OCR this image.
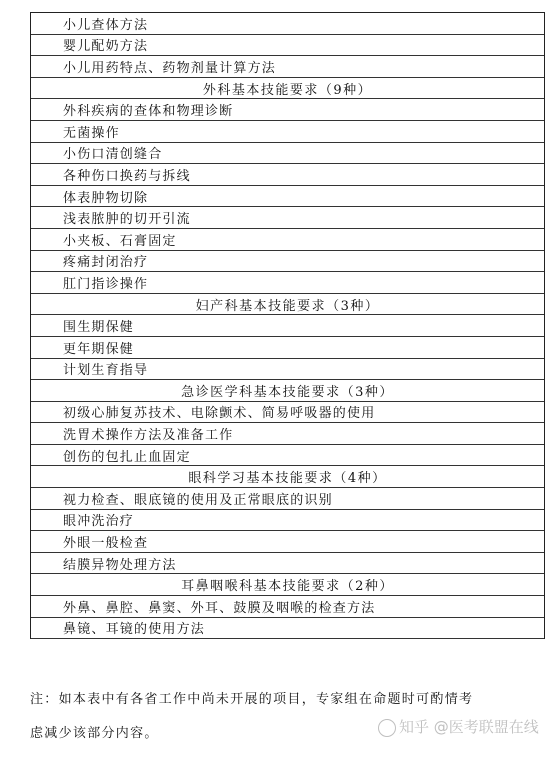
小儿查体方法
婴儿配奶方法
小儿用药特点、药物剂量计算方法
外科基本技能要求（9种）
外科疾病的查体和物理诊断
无菌操作
小伤口清创缝合
各种伤口换药与拆线
体表肿物切除
浅表脓肿的切开引流
小夹板、石膏固定
疼痛封闭治疗
肛门指诊操作
妇产科基本技能要求（3种）
围生期保健
更年期保健
计划生育指导
急诊医学科基本技能要求（3种）
初级心肺复苏技术、电除颤术、简易呼吸器的使用
洗胃术操作方法及准备工作
创伤的包扎止血固定
眼科学习基本技能要求（4种）
视力检查、眼底镜的使用及正常眼底的识别
眼冲洗治疗
外眼一般检查
结膜异物处理方法
耳鼻咽喉科基本技能要求（2种）
外鼻、鼻腔、鼻窦、外耳、鼓膜及咽喉的检查方法
鼻镜、耳镜的使用方法
注：如本表中有各省工作中尚未开展的项目，专家组在命题时可酌情考
虑减少该部分内容。	知乎 @医考联盟在线
